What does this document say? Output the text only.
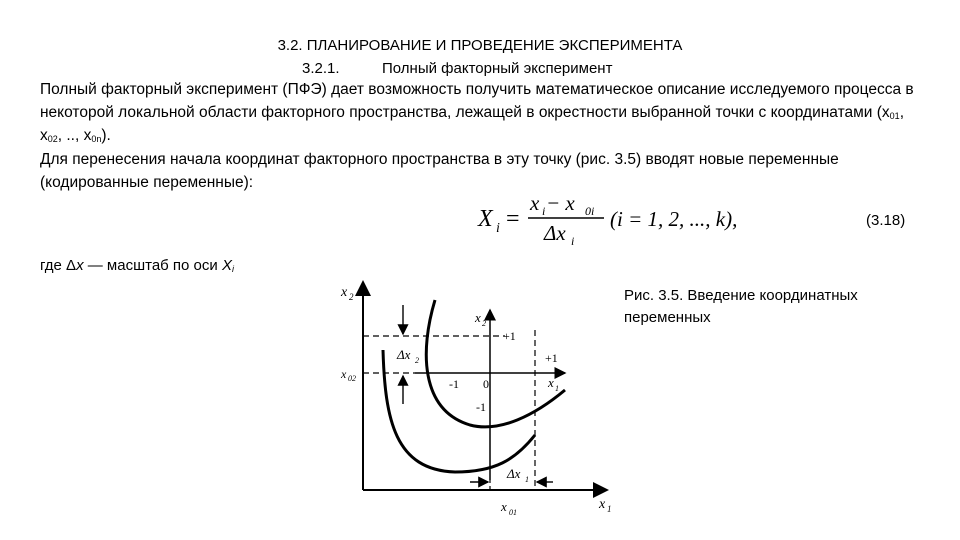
3.2. ПЛАНИРОВАНИЕ И ПРОВЕДЕНИЕ ЭКСПЕРИМЕНТА
3.2.1.	Полный факторный эксперимент
Полный факторный эксперимент (ПФЭ) дает возможность получить математическое описание исследуемого процесса в некоторой локальной области факторного пространства, лежащей в окрестности выбранной точки с координатами ($x_{01}$, $x_{02}$, .., $x_{0n}$).
Для перенесения начала координат факторного пространства в эту точку (рис. 3.5) вводят новые переменные (кодированные переменные):
X i =
x i − x 0i
Δx i
(i = 1, 2, ..., k),	(3.18)
где Δx — масштаб по оси $X_i$
Рис. 3.5. Введение координатных переменных
x 2
x 1
x 2
x 1
Δx 2
Δx 1
x 02
x 01
+1
+1
-1 0
-1
